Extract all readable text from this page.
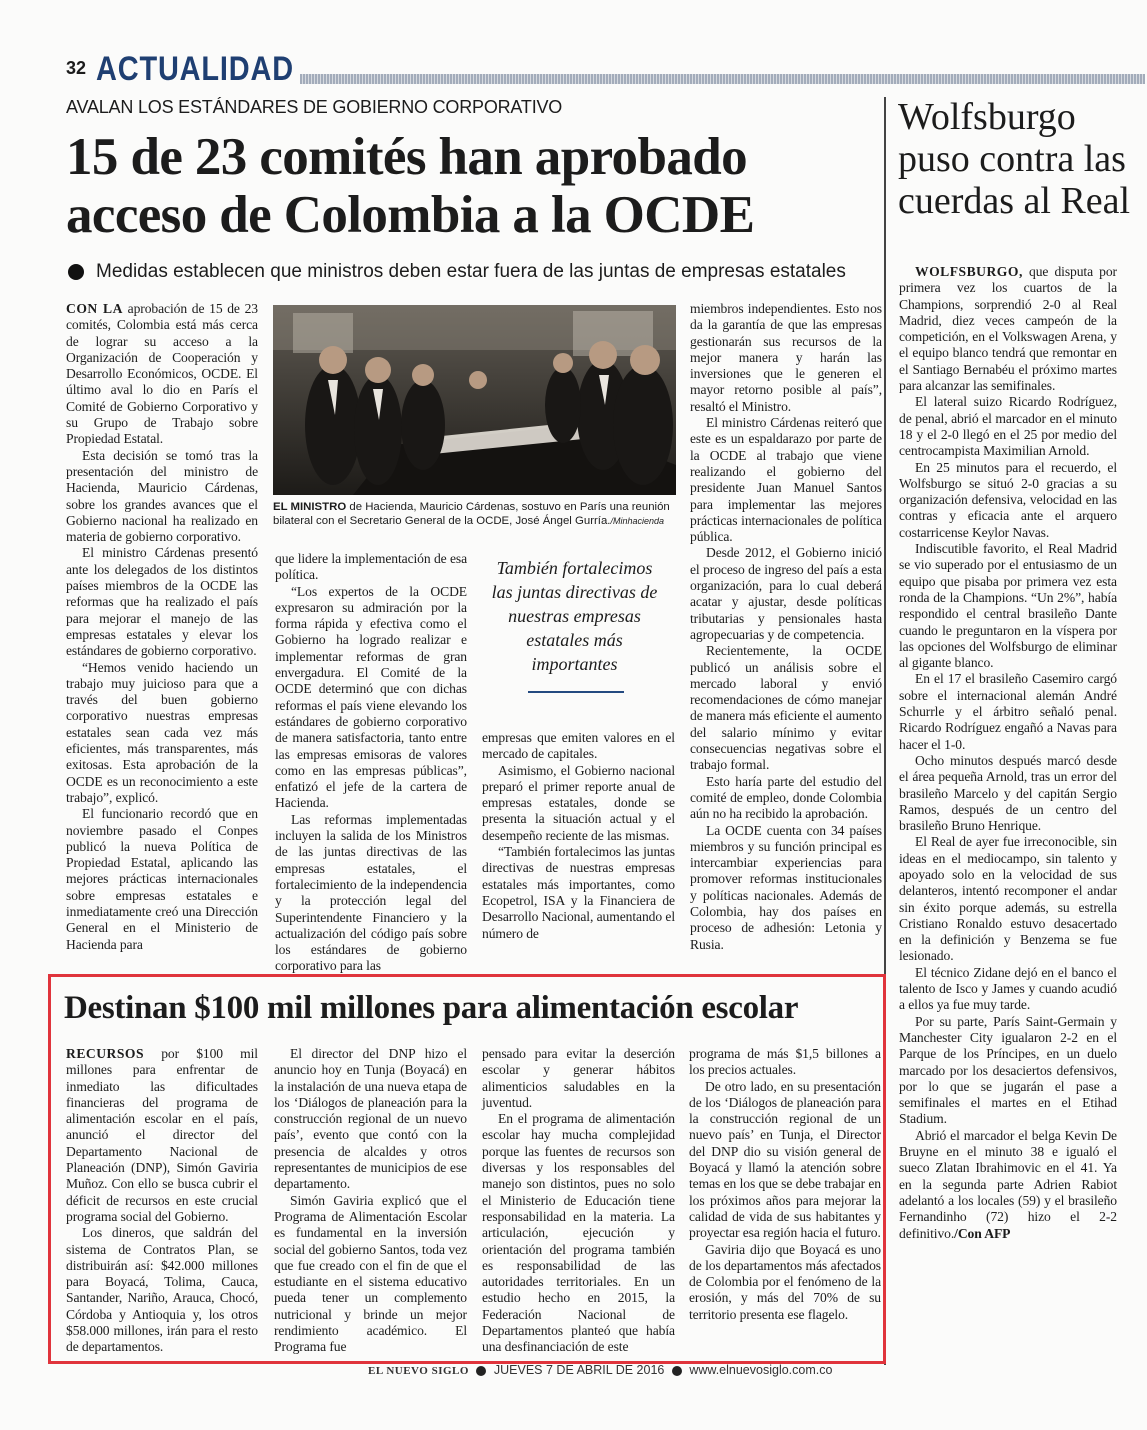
32 ACTUALIDAD
AVALAN LOS ESTÁNDARES DE GOBIERNO CORPORATIVO
15 de 23 comités han aprobado acceso de Colombia a la OCDE
Medidas establecen que ministros deben estar fuera de las juntas de empresas estatales

CON LA aprobación de 15 de 23 comités, Colombia está más cerca de lograr su acceso a la Organización de Cooperación y Desarrollo Económicos, OCDE. El último aval lo dio en París el Comité de Gobierno Corporativo y su Grupo de Trabajo sobre Propiedad Estatal.

Esta decisión se tomó tras la presentación del ministro de Hacienda, Mauricio Cárdenas, sobre los grandes avances que el Gobierno nacional ha realizado en materia de gobierno corporativo.

El ministro Cárdenas presentó ante los delegados de los distintos países miembros de la OCDE las reformas que ha realizado el país para mejorar el manejo de las empresas estatales y elevar los estándares de gobierno corporativo.

“Hemos venido haciendo un trabajo muy juicioso para que a través del buen gobierno corporativo nuestras empresas estatales sean cada vez más eficientes, más transparentes, más exitosas. Esta aprobación de la OCDE es un reconocimiento a este trabajo”, explicó.

El funcionario recordó que en noviembre pasado el Conpes publicó la nueva Política de Propiedad Estatal, aplicando las mejores prácticas internacionales sobre empresas estatales e inmediatamente creó una Dirección General en el Ministerio de Hacienda para

EL MINISTRO de Hacienda, Mauricio Cárdenas, sostuvo en París una reunión bilateral con el Secretario General de la OCDE, José Ángel Gurría./Minhacienda

que lidere la implementación de esa política.

“Los expertos de la OCDE expresaron su admiración por la forma rápida y efectiva como el Gobierno ha logrado realizar e implementar reformas de gran envergadura. El Comité de la OCDE determinó que con dichas reformas el país viene elevando los estándares de gobierno corporativo de manera satisfactoria, tanto entre las empresas emisoras de valores como en las empresas públicas”, enfatizó el jefe de la cartera de Hacienda.

Las reformas implementadas incluyen la salida de los Ministros de las juntas directivas de las empresas estatales, el fortalecimiento de la independencia y la protección legal del Superintendente Financiero y la actualización del código país sobre los estándares de gobierno corporativo para las

También fortalecimos las juntas directivas de nuestras empresas estatales más importantes

empresas que emiten valores en el mercado de capitales.

Asimismo, el Gobierno nacional preparó el primer reporte anual de empresas estatales, donde se presenta la situación actual y el desempeño reciente de las mismas.

“También fortalecimos las juntas directivas de nuestras empresas estatales más importantes, como Ecopetrol, ISA y la Financiera de Desarrollo Nacional, aumentando el número de

miembros independientes. Esto nos da la garantía de que las empresas gestionarán sus recursos de la mejor manera y harán las inversiones que le generen el mayor retorno posible al país”, resaltó el Ministro.

El ministro Cárdenas reiteró que este es un espaldarazo por parte de la OCDE al trabajo que viene realizando el gobierno del presidente Juan Manuel Santos para implementar las mejores prácticas internacionales de política pública.

Desde 2012, el Gobierno inició el proceso de ingreso del país a esta organización, para lo cual deberá acatar y ajustar, desde políticas tributarias y pensionales hasta agropecuarias y de competencia.

Recientemente, la OCDE publicó un análisis sobre el mercado laboral y envió recomendaciones de cómo manejar de manera más eficiente el aumento del salario mínimo y evitar consecuencias negativas sobre el trabajo formal.

Esto haría parte del estudio del comité de empleo, donde Colombia aún no ha recibido la aprobación.

La OCDE cuenta con 34 países miembros y su función principal es intercambiar experiencias para promover reformas institucionales y políticas nacionales. Además de Colombia, hay dos países en proceso de adhesión: Letonia y Rusia.

Destinan $100 mil millones para alimentación escolar

RECURSOS por $100 mil millones para enfrentar de inmediato las dificultades financieras del programa de alimentación escolar en el país, anunció el director del Departamento Nacional de Planeación (DNP), Simón Gaviria Muñoz. Con ello se busca cubrir el déficit de recursos en este crucial programa social del Gobierno.

Los dineros, que saldrán del sistema de Contratos Plan, se distribuirán así: $42.000 millones para Boyacá, Tolima, Cauca, Santander, Nariño, Arauca, Chocó, Córdoba y Antioquia y, los otros $58.000 millones, irán para el resto de departamentos.

El director del DNP hizo el anuncio hoy en Tunja (Boyacá) en la instalación de una nueva etapa de los ‘Diálogos de planeación para la construcción regional de un nuevo país’, evento que contó con la presencia de alcaldes y otros representantes de municipios de ese departamento.

Simón Gaviria explicó que el Programa de Alimentación Escolar es fundamental en la inversión social del gobierno Santos, toda vez que fue creado con el fin de que el estudiante en el sistema educativo pueda tener un complemento nutricional y brinde un mejor rendimiento académico. El Programa fue

pensado para evitar la deserción escolar y generar hábitos alimenticios saludables en la juventud.

En el programa de alimentación escolar hay mucha complejidad porque las fuentes de recursos son diversas y los responsables del manejo son distintos, pues no solo el Ministerio de Educación tiene responsabilidad en la materia. La articulación, ejecución y orientación del programa también es responsabilidad de las autoridades territoriales. En un estudio hecho en 2015, la Federación Nacional de Departamentos planteó que había una desfinanciación de este

programa de más $1,5 billones a los precios actuales.

De otro lado, en su presentación de los ‘Diálogos de planeación para la construcción regional de un nuevo país’ en Tunja, el Director del DNP dio su visión general de Boyacá y llamó la atención sobre temas en los que se debe trabajar en los próximos años para mejorar la calidad de vida de sus habitantes y proyectar esa región hacia el futuro.

Gaviria dijo que Boyacá es uno de los departamentos más afectados de Colombia por el fenómeno de la erosión, y más del 70% de su territorio presenta ese flagelo.

Wolfsburgo puso contra las cuerdas al Real

WOLFSBURGO, que disputa por primera vez los cuartos de la Champions, sorprendió 2-0 al Real Madrid, diez veces campeón de la competición, en el Volkswagen Arena, y el equipo blanco tendrá que remontar en el Santiago Bernabéu el próximo martes para alcanzar las semifinales.

El lateral suizo Ricardo Rodríguez, de penal, abrió el marcador en el minuto 18 y el 2-0 llegó en el 25 por medio del centrocampista Maximilian Arnold.

En 25 minutos para el recuerdo, el Wolfsburgo se situó 2-0 gracias a su organización defensiva, velocidad en las contras y eficacia ante el arquero costarricense Keylor Navas.

Indiscutible favorito, el Real Madrid se vio superado por el entusiasmo de un equipo que pisaba por primera vez esta ronda de la Champions. “Un 2%”, había respondido el central brasileño Dante cuando le preguntaron en la víspera por las opciones del Wolfsburgo de eliminar al gigante blanco.

En el 17 el brasileño Casemiro cargó sobre el internacional alemán André Schurrle y el árbitro señaló penal. Ricardo Rodríguez engañó a Navas para hacer el 1-0.

Ocho minutos después marcó desde el área pequeña Arnold, tras un error del brasileño Marcelo y del capitán Sergio Ramos, después de un centro del brasileño Bruno Henrique.

El Real de ayer fue irreconocible, sin ideas en el mediocampo, sin talento y apoyado solo en la velocidad de sus delanteros, intentó recomponer el andar sin éxito porque además, su estrella Cristiano Ronaldo estuvo desacertado en la definición y Benzema se fue lesionado.

El técnico Zidane dejó en el banco el talento de Isco y James y cuando acudió a ellos ya fue muy tarde.

Por su parte, París Saint-Germain y Manchester City igualaron 2-2 en el Parque de los Príncipes, en un duelo marcado por los desaciertos defensivos, por lo que se jugarán el pase a semifinales el martes en el Etihad Stadium.

Abrió el marcador el belga Kevin De Bruyne en el minuto 38 e igualó el sueco Zlatan Ibrahimovic en el 41. Ya en la segunda parte Adrien Rabiot adelantó a los locales (59) y el brasileño Fernandinho (72) hizo el 2-2 definitivo./Con AFP

EL NUEVO SIGLO JUEVES 7 DE ABRIL DE 2016 www.elnuevosiglo.com.co
